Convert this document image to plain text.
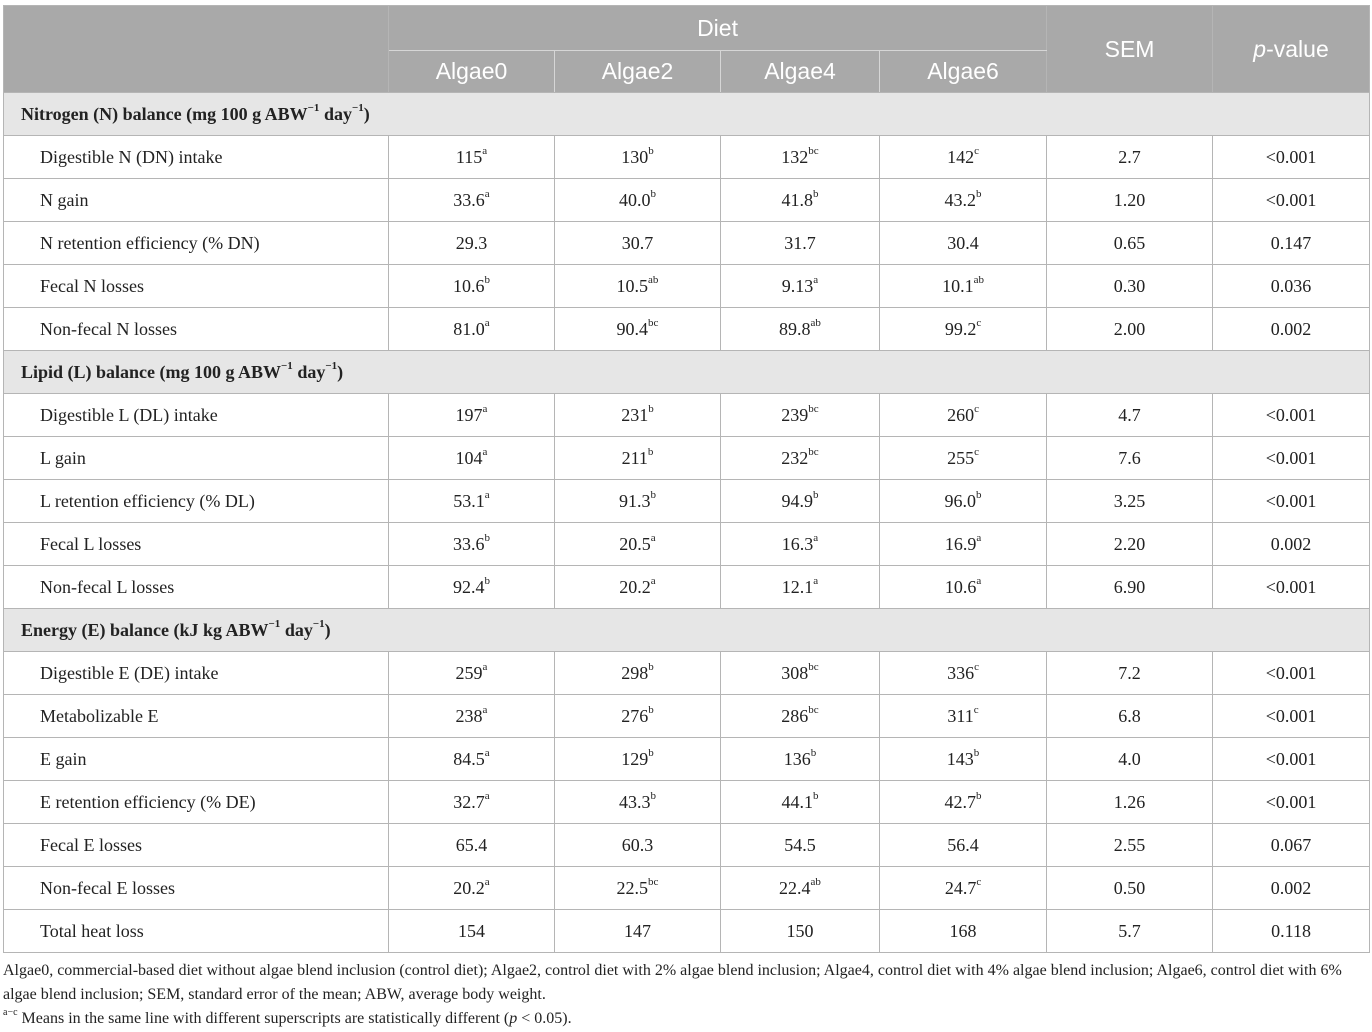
	Diet				SEM	p-value
	Algae0	Algae2	Algae4	Algae6		
Nitrogen (N) balance (mg 100 g $ABW^{-1}$ day$^{-1}$)						
Digestible N (DN) intake	115$^a$	130$^b$	$132^{bc}$	142$^c$	2.7	<0.001
N gain	33.6$^a$	40.0$^b$	41.8$^b$	43.2$^b$	1.20	<0.001
N retention efficiency (% DN)	29.3	30.7	31.7	30.4	0.65	0.147
Fecal N losses	10.6$^b$	10.5$^{ab}$	9.13$^a$	10.1$^{ab}$	0.30	0.036
Non-fecal N losses	81.0$^a$	90.4$^{bc}$	89.8$^{ab}$	99.2$^c$	2.00	0.002
Lipid (L) balance (mg 100 g $ABW^{-1}$ day$^{-1}$)						
Digestible L (DL) intake	197$^a$	231$^b$	$239^{bc}$	260$^c$	4.7	<0.001
L gain	104$^a$	211$^b$	$232^{bc}$	255$^c$	7.6	<0.001
L retention efficiency (% DL)	53.1$^a$	91.3$^b$	94.9$^b$	96.0$^b$	3.25	<0.001
Fecal L losses	33.6$^b$	20.5$^a$	16.3$^a$	16.9$^a$	2.20	0.002
Non-fecal L losses	92.4$^b$	20.2$^a$	12.1$^a$	10.6$^a$	6.90	<0.001
Energy (E) balance (kJ kg $ABW^{-1}$ day$^{-1}$)						
Digestible E (DE) intake	259$^a$	298$^b$	$308^{bc}$	336$^c$	7.2	<0.001
Metabolizable E	238$^a$	276$^b$	$286^{bc}$	311$^c$	6.8	<0.001
E gain	84.5$^a$	129$^b$	136$^b$	143$^b$	4.0	<0.001
E retention efficiency (% DE)	32.7$^a$	43.3$^b$	44.1$^b$	42.7$^b$	1.26	<0.001
Fecal E losses	65.4	60.3	54.5	56.4	2.55	0.067
Non-fecal E losses	20.2$^a$	22.5$^{bc}$	22.4$^{ab}$	24.7$^c$	0.50	0.002
Total heat loss	154	147	150	168	5.7	0.118

Algae0, commercial-based diet without algae blend inclusion (control diet); Algae2, control diet with 2% algae blend inclusion; Algae4, control diet with 4% algae blend inclusion; Algae6, control diet with 6% algae blend inclusion; SEM, standard error of the mean; ABW, average body weight.

$^{a-c}$ Means in the same line with different superscripts are statistically different (p < 0.05).
